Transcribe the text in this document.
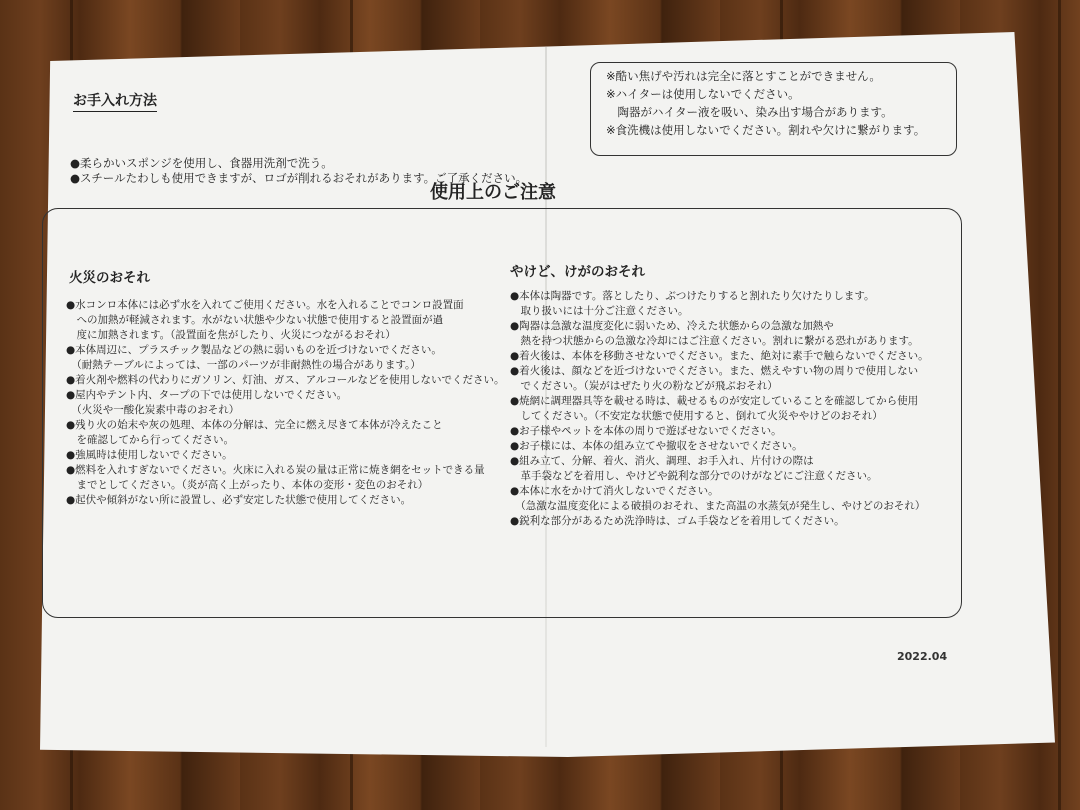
お手入れ方法
●柔らかいスポンジを使用し、食器用洗剤で洗う。
●スチールたわしも使用できますが、ロゴが削れるおそれがあります。ご了承ください。
※酷い焦げや汚れは完全に落とすことができません。
※ハイターは使用しないでください。
　陶器がハイター液を吸い、染み出す場合があります。
※食洗機は使用しないでください。割れや欠けに繋がります。
使用上のご注意
火災のおそれ
●水コンロ本体には必ず水を入れてご使用ください。水を入れることでコンロ設置面
　への加熱が軽減されます。水がない状態や少ない状態で使用すると設置面が過
　度に加熱されます。（設置面を焦がしたり、火災につながるおそれ）
●本体周辺に、プラスチック製品などの熱に弱いものを近づけないでください。
　（耐熱テーブルによっては、一部のパーツが非耐熱性の場合があります。）
●着火剤や燃料の代わりにガソリン、灯油、ガス、アルコールなどを使用しないでください。
●屋内やテント内、タープの下では使用しないでください。
　（火災や一酸化炭素中毒のおそれ）
●残り火の始末や灰の処理、本体の分解は、完全に燃え尽きて本体が冷えたこと
　を確認してから行ってください。
●強風時は使用しないでください。
●燃料を入れすぎないでください。火床に入れる炭の量は正常に焼き網をセットできる量
　までとしてください。（炎が高く上がったり、本体の変形・変色のおそれ）
●起伏や傾斜がない所に設置し、必ず安定した状態で使用してください。
やけど、けがのおそれ
●本体は陶器です。落としたり、ぶつけたりすると割れたり欠けたりします。
　取り扱いには十分ご注意ください。
●陶器は急激な温度変化に弱いため、冷えた状態からの急激な加熱や
　熱を持つ状態からの急激な冷却にはご注意ください。割れに繋がる恐れがあります。
●着火後は、本体を移動させないでください。また、絶対に素手で触らないでください。
●着火後は、顔などを近づけないでください。また、燃えやすい物の周りで使用しない
　でください。（炭がはぜたり火の粉などが飛ぶおそれ）
●焼網に調理器具等を載せる時は、載せるものが安定していることを確認してから使用
　してください。（不安定な状態で使用すると、倒れて火災ややけどのおそれ）
●お子様やペットを本体の周りで遊ばせないでください。
●お子様には、本体の組み立てや撤収をさせないでください。
●組み立て、分解、着火、消火、調理、お手入れ、片付けの際は
　革手袋などを着用し、やけどや鋭利な部分でのけがなどにご注意ください。
●本体に水をかけて消火しないでください。
　（急激な温度変化による破損のおそれ、また高温の水蒸気が発生し、やけどのおそれ）
●鋭利な部分があるため洗浄時は、ゴム手袋などを着用してください。
2022.04
